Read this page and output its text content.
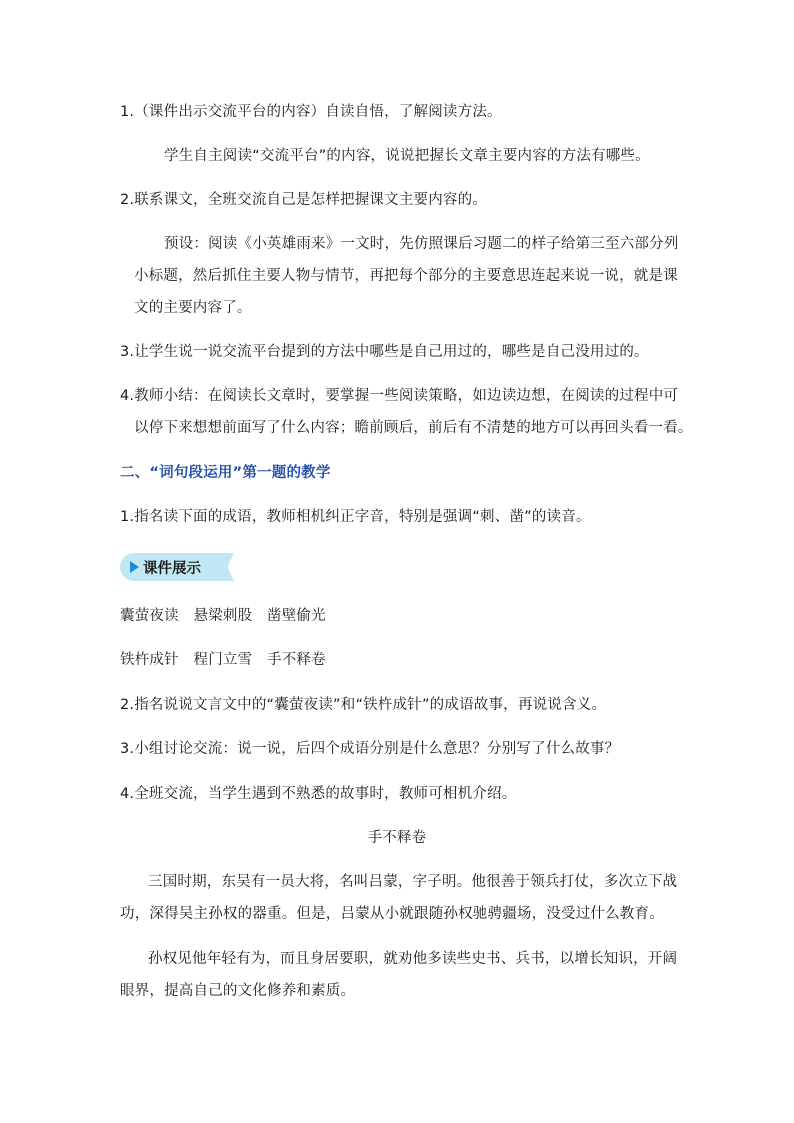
1.（课件出示交流平台的内容）自读自悟，了解阅读方法。

学生自主阅读“交流平台”的内容，说说把握长文章主要内容的方法有哪些。

2.联系课文，全班交流自己是怎样把握课文主要内容的。

预设：阅读《小英雄雨来》一文时，先仿照课后习题二的样子给第三至六部分列

小标题，然后抓住主要人物与情节，再把每个部分的主要意思连起来说一说，就是课

文的主要内容了。

3.让学生说一说交流平台提到的方法中哪些是自己用过的，哪些是自己没用过的。

4.教师小结：在阅读长文章时，要掌握一些阅读策略，如边读边想，在阅读的过程中可

以停下来想想前面写了什么内容；瞻前顾后，前后有不清楚的地方可以再回头看一看。

二、“词句段运用”第一题的教学

1.指名读下面的成语，教师相机纠正字音，特别是强调“刺、凿”的读音。

课件展示

囊萤夜读　悬梁刺股　凿壁偷光

铁杵成针　程门立雪　手不释卷

2.指名说说文言文中的“囊萤夜读”和“铁杵成针”的成语故事，再说说含义。

3.小组讨论交流：说一说，后四个成语分别是什么意思？分别写了什么故事？

4.全班交流，当学生遇到不熟悉的故事时，教师可相机介绍。

手不释卷

三国时期，东吴有一员大将，名叫吕蒙，字子明。他很善于领兵打仗，多次立下战

功，深得吴主孙权的器重。但是，吕蒙从小就跟随孙权驰骋疆场，没受过什么教育。

孙权见他年轻有为，而且身居要职，就劝他多读些史书、兵书，以增长知识，开阔

眼界，提高自己的文化修养和素质。
